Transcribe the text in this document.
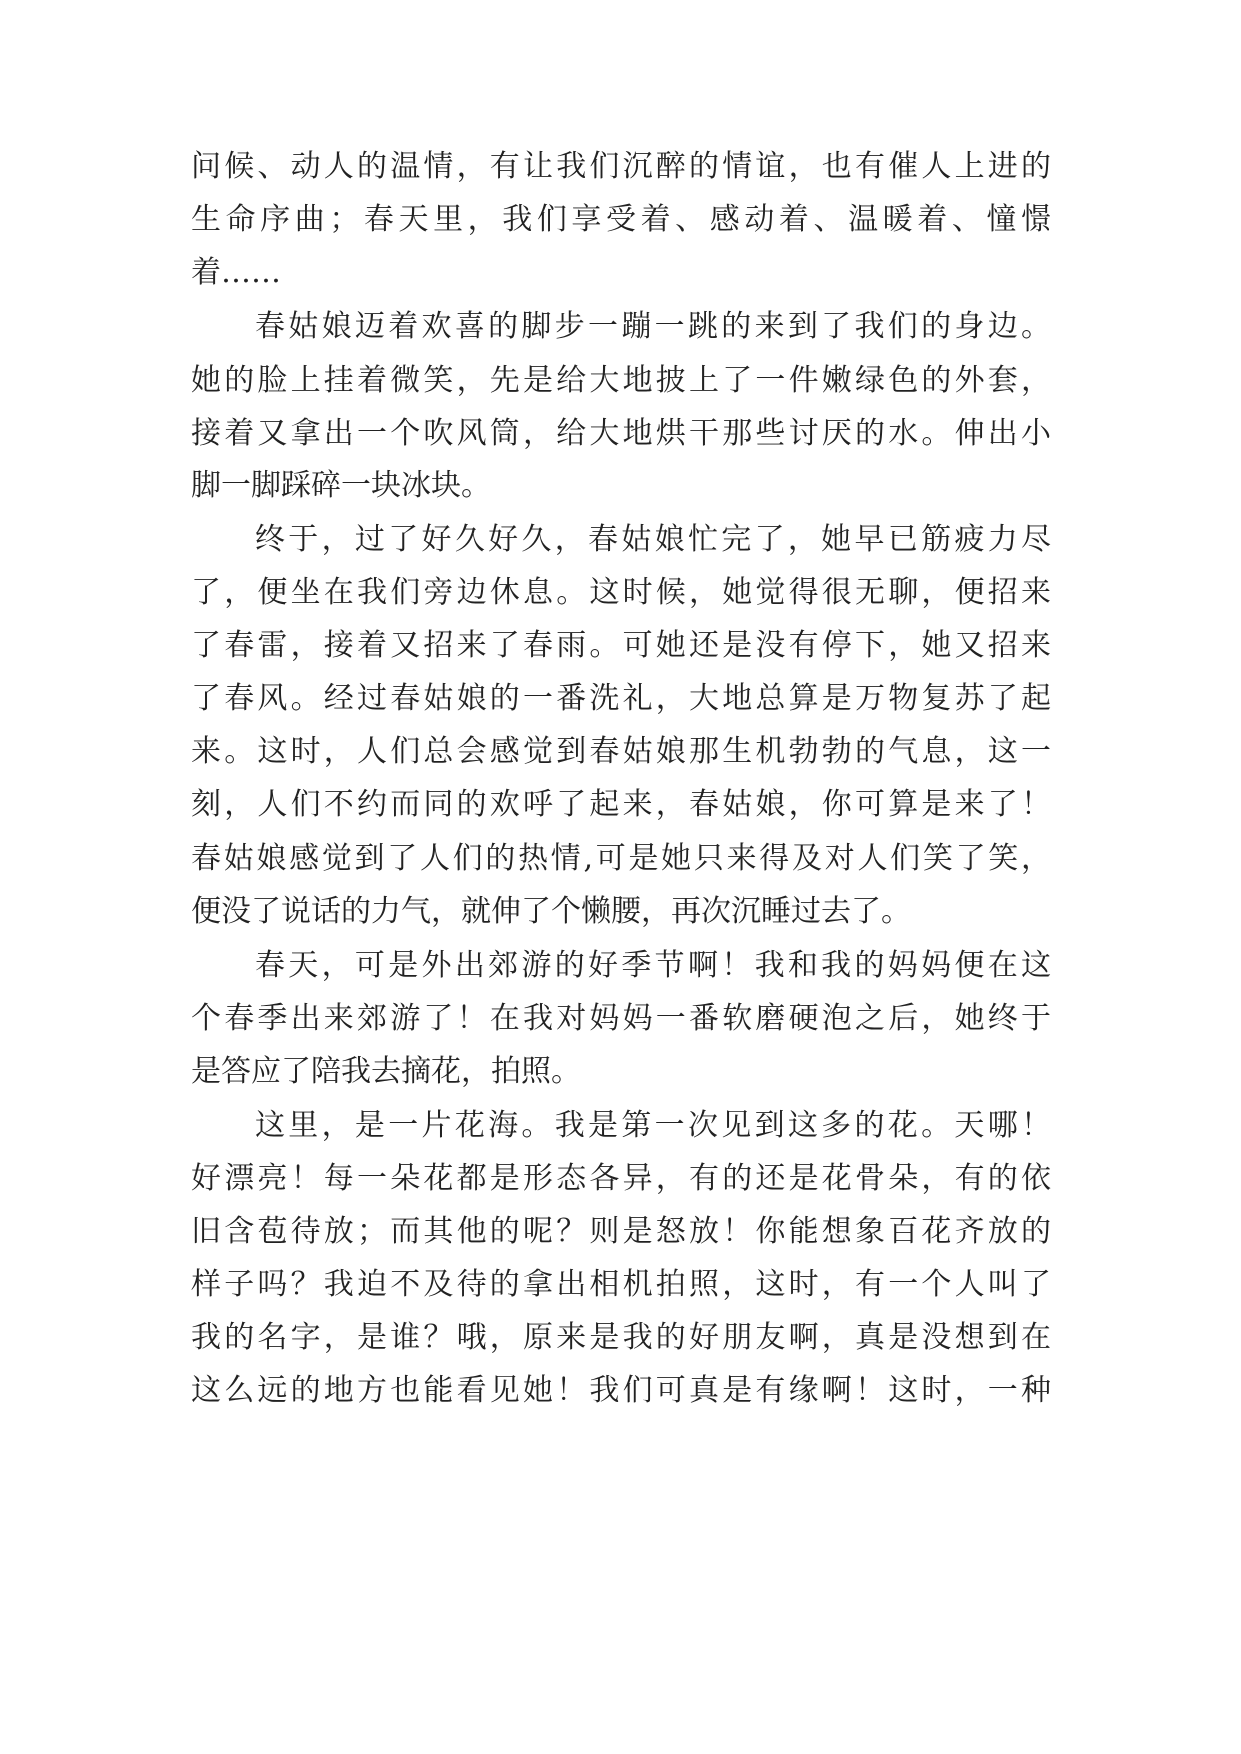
问候、动人的温情，有让我们沉醉的情谊，也有催人上进的
生命序曲；春天里，我们享受着、感动着、温暖着、憧憬
着……
春姑娘迈着欢喜的脚步一蹦一跳的来到了我们的身边。
她的脸上挂着微笑，先是给大地披上了一件嫩绿色的外套，
接着又拿出一个吹风筒，给大地烘干那些讨厌的水。伸出小
脚一脚踩碎一块冰块。
终于，过了好久好久，春姑娘忙完了，她早已筋疲力尽
了，便坐在我们旁边休息。这时候，她觉得很无聊，便招来
了春雷，接着又招来了春雨。可她还是没有停下，她又招来
了春风。经过春姑娘的一番洗礼，大地总算是万物复苏了起
来。这时，人们总会感觉到春姑娘那生机勃勃的气息，这一
刻，人们不约而同的欢呼了起来，春姑娘，你可算是来了！
春姑娘感觉到了人们的热情,可是她只来得及对人们笑了笑，
便没了说话的力气，就伸了个懒腰，再次沉睡过去了。
春天，可是外出郊游的好季节啊！我和我的妈妈便在这
个春季出来郊游了！在我对妈妈一番软磨硬泡之后，她终于
是答应了陪我去摘花，拍照。
这里，是一片花海。我是第一次见到这多的花。天哪！
好漂亮！每一朵花都是形态各异，有的还是花骨朵，有的依
旧含苞待放；而其他的呢？则是怒放！你能想象百花齐放的
样子吗？我迫不及待的拿出相机拍照，这时，有一个人叫了
我的名字，是谁？哦，原来是我的好朋友啊，真是没想到在
这么远的地方也能看见她！我们可真是有缘啊！这时，一种
